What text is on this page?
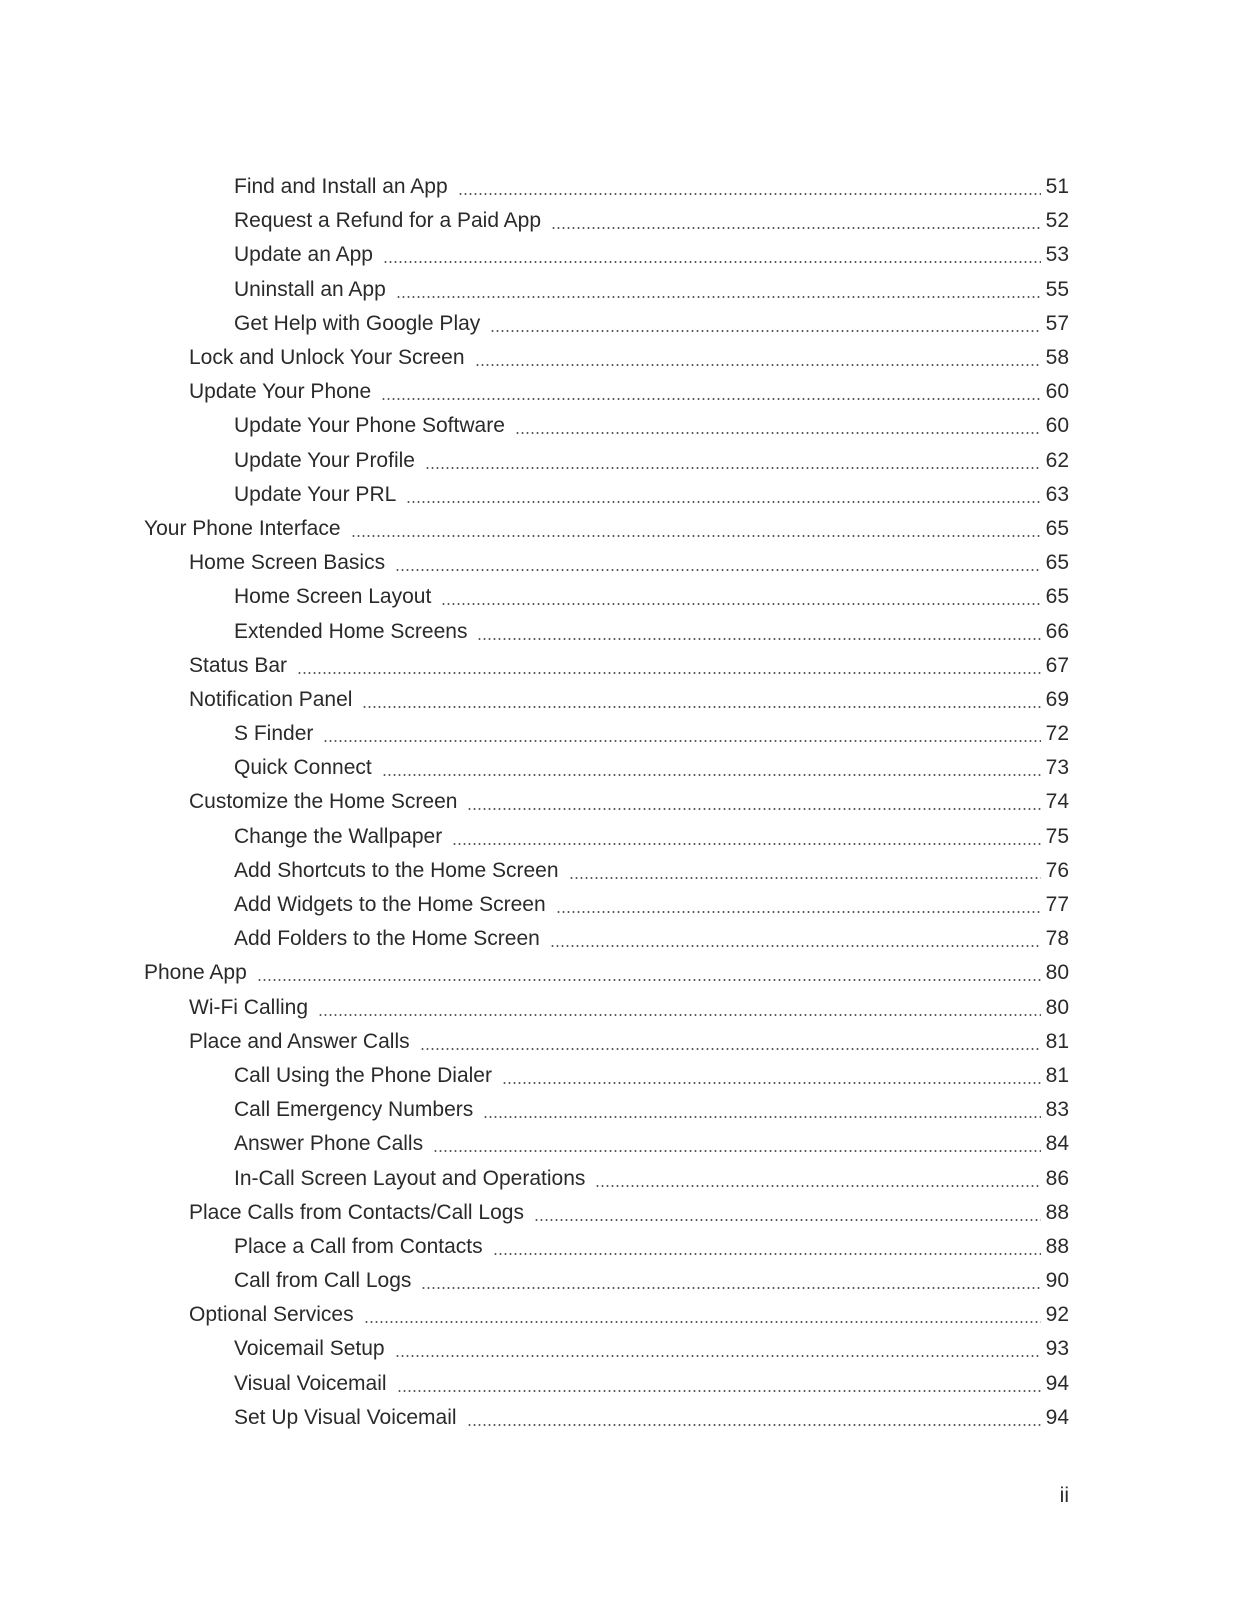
Find and Install an App	51
Request a Refund for a Paid App	52
Update an App	53
Uninstall an App	55
Get Help with Google Play	57
Lock and Unlock Your Screen	58
Update Your Phone	60
Update Your Phone Software	60
Update Your Profile	62
Update Your PRL	63
Your Phone Interface	65
Home Screen Basics	65
Home Screen Layout	65
Extended Home Screens	66
Status Bar	67
Notification Panel	69
S Finder	72
Quick Connect	73
Customize the Home Screen	74
Change the Wallpaper	75
Add Shortcuts to the Home Screen	76
Add Widgets to the Home Screen	77
Add Folders to the Home Screen	78
Phone App	80
Wi-Fi Calling	80
Place and Answer Calls	81
Call Using the Phone Dialer	81
Call Emergency Numbers	83
Answer Phone Calls	84
In-Call Screen Layout and Operations	86
Place Calls from Contacts/Call Logs	88
Place a Call from Contacts	88
Call from Call Logs	90
Optional Services	92
Voicemail Setup	93
Visual Voicemail	94
Set Up Visual Voicemail	94
ii
